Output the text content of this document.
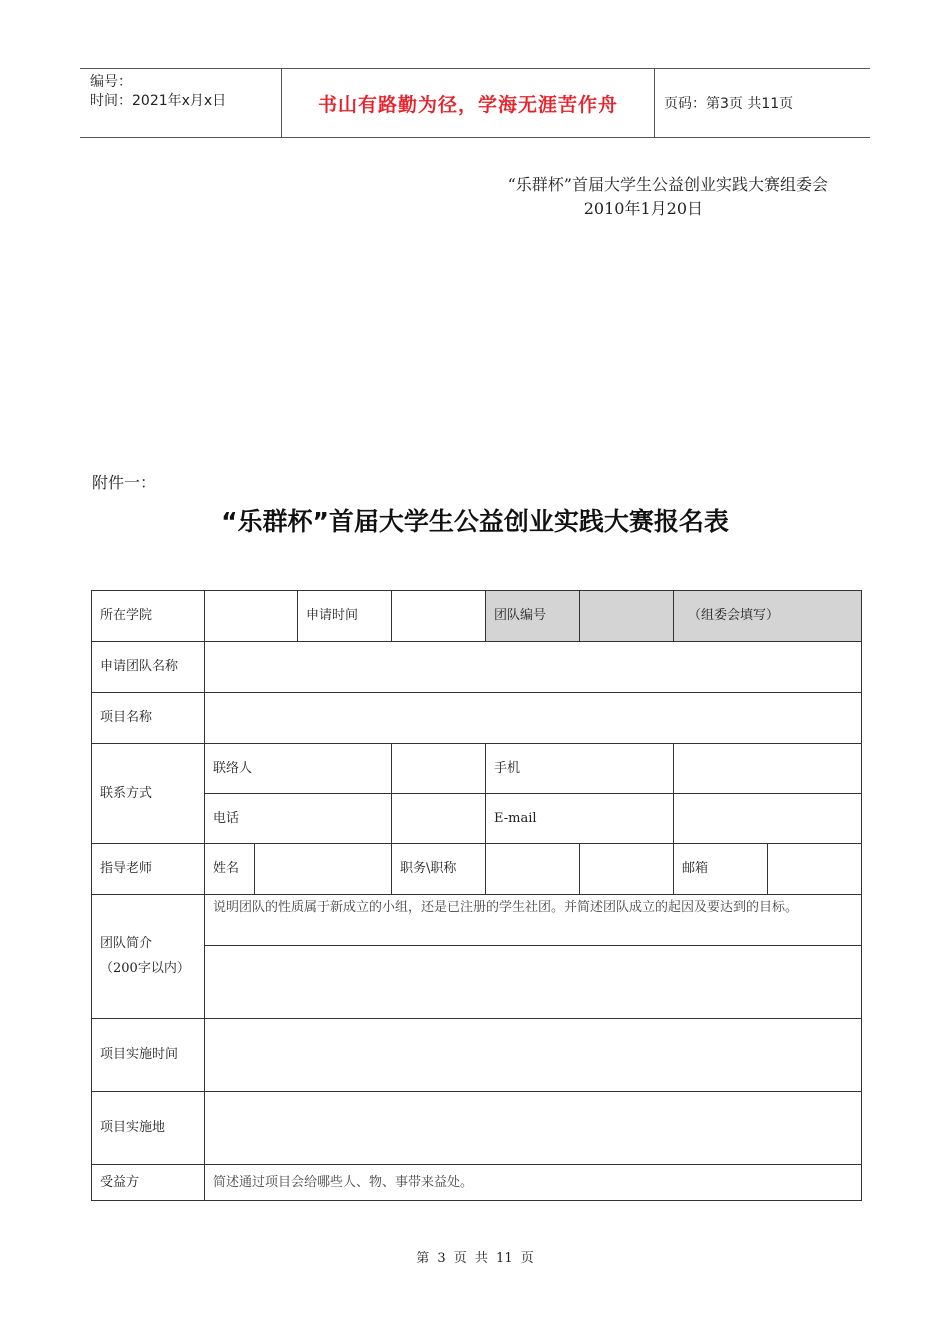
编号：
时间：2021年x月x日	书山有路勤为径，学海无涯苦作舟	页码：第3页 共11页
“乐群杯”首届大学生公益创业实践大赛组委会
2010年1月20日
附件一：
“乐群杯”首届大学生公益创业实践大赛报名表
所在学院			申请时间		团队编号		（组委会填写）	
申请团队名称								
项目名称								
联系方式	联络人				手机			
	电话				E-mail			
指导老师	姓名			职务\职称			邮箱	

团队简介
（200字以内）	说明团队的性质属于新成立的小组，还是已注册的学生社团。并简述团队成立的起因及要达到的目标。							

项目实施时间								
项目实施地								
受益方	简述通过项目会给哪些人、物、事带来益处。							
第 3 页 共 11 页
